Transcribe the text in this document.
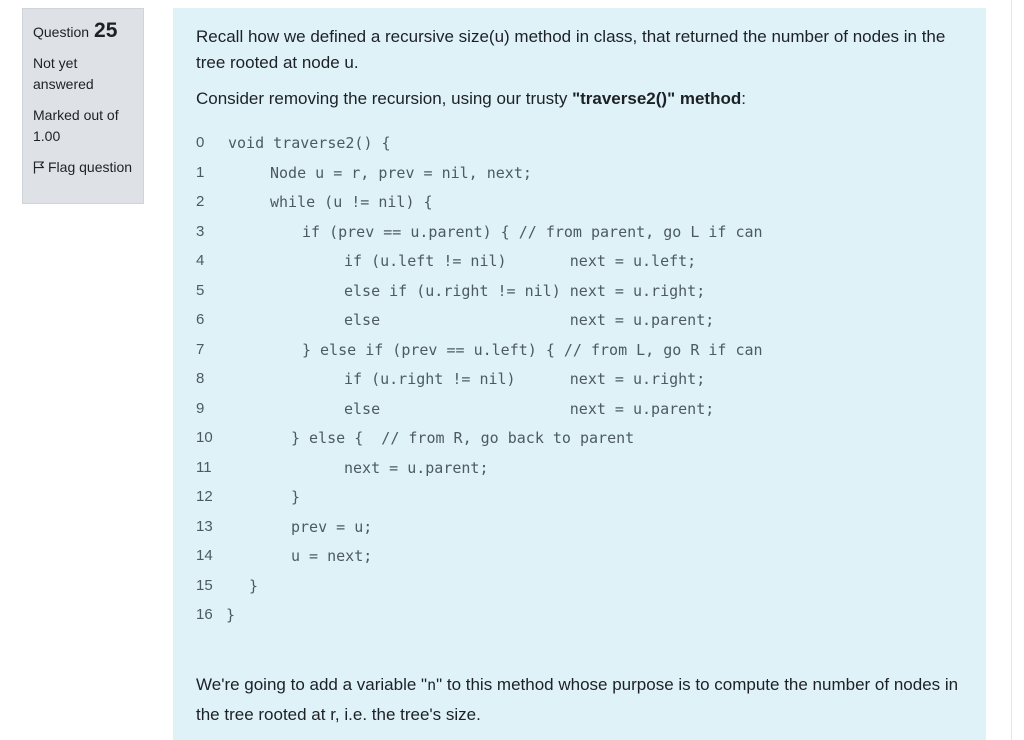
Question 25
Not yet answered
Marked out of
1.00
Flag question

Recall how we defined a recursive size(u) method in class, that returned the number of nodes in the tree rooted at node u.

Consider removing the recursion, using our trusty "traverse2()" method:

0	void traverse2() {
1	Node u = r, prev = nil, next;
2	while (u != nil) {
3	if (prev == u.parent) { // from parent, go L if can
4	if (u.left != nil)       next = u.left;
5	else if (u.right != nil) next = u.right;
6	else                     next = u.parent;
7	} else if (prev == u.left) { // from L, go R if can
8	if (u.right != nil)      next = u.right;
9	else                     next = u.parent;
10	} else {  // from R, go back to parent
11	next = u.parent;
12	}
13	prev = u;
14	u = next;
15	}
16 }

We're going to add a variable "n" to this method whose purpose is to compute the number of nodes in the tree rooted at r, i.e. the tree's size.
